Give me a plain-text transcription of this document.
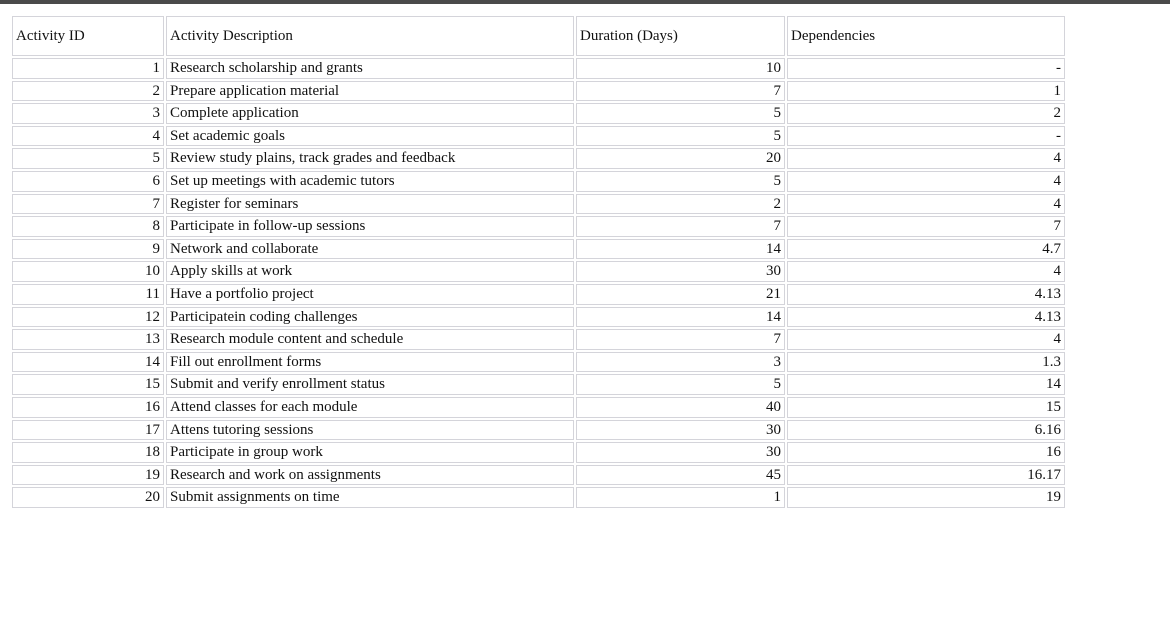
Activity ID	Activity Description	Duration (Days)	Dependencies
1	Research scholarship and grants	10	-
2	Prepare application material	7	1
3	Complete application	5	2
4	Set academic goals	5	-
5	Review study plains, track grades and feedback	20	4
6	Set up meetings with academic tutors	5	4
7	Register for seminars	2	4
8	Participate in follow-up sessions	7	7
9	Network and collaborate	14	4.7
10	Apply skills at work	30	4
11	Have a portfolio project	21	4.13
12	Participatein coding challenges	14	4.13
13	Research module content and schedule	7	4
14	Fill out enrollment forms	3	1.3
15	Submit and verify enrollment status	5	14
16	Attend classes for each module	40	15
17	Attens tutoring sessions	30	6.16
18	Participate in group work	30	16
19	Research and work on assignments	45	16.17
20	Submit assignments on time	1	19
